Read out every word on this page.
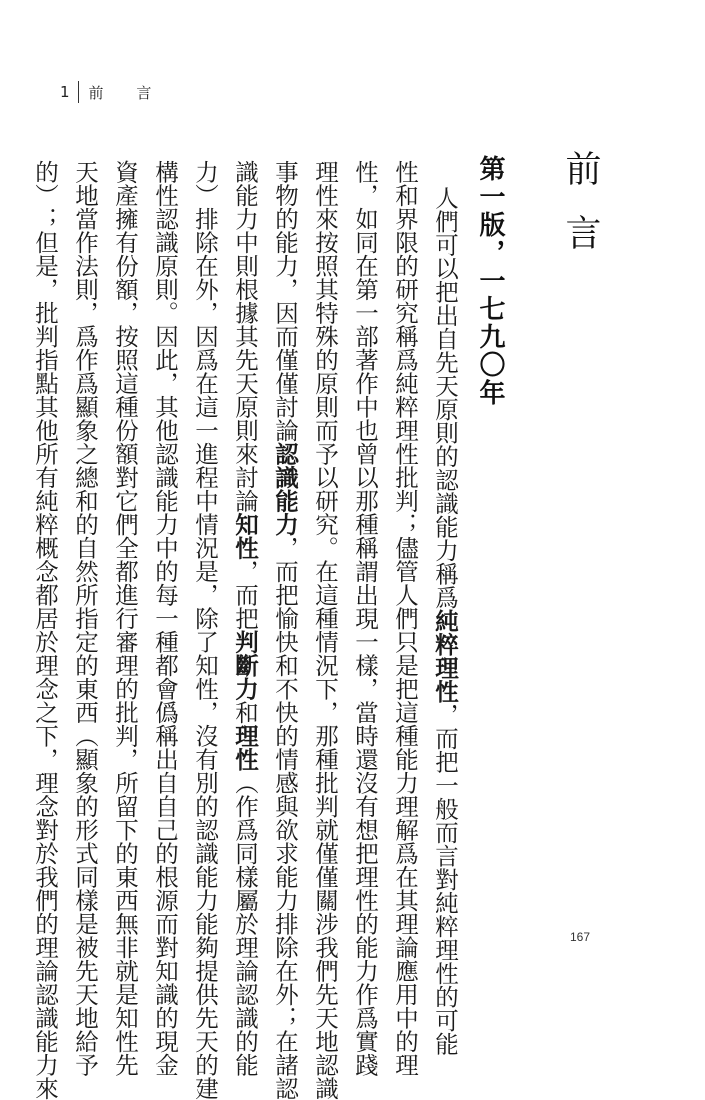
1 前 言
前言
第一版，一七九〇年
人們可以把出自先天原則的認識能力稱爲純粹理性，而把一般而言對純粹理性的可能
性和界限的研究稱爲純粹理性批判；儘管人們只是把這種能力理解爲在其理論應用中的理
性，如同在第一部著作中也曾以那種稱謂出現一樣，當時還沒有想把理性的能力作爲實踐
理性來按照其特殊的原則而予以研究。在這種情況下，那種批判就僅僅關涉我們先天地認識
事物的能力，因而僅僅討論認識能力，而把愉快和不快的情感與欲求能力排除在外；在諸認
識能力中則根據其先天原則來討論知性，而把判斷力和理性（作爲同樣屬於理論認識的能
力）排除在外，因爲在這一進程中情況是，除了知性，沒有別的認識能力能夠提供先天的建
構性認識原則。因此，其他認識能力中的每一種都會僞稱出自自己的根源而對知識的現金
資產擁有份額，按照這種份額對它們全都進行審理的批判，所留下的東西無非就是知性先
天地當作法則，爲作爲顯象之總和的自然所指定的東西（顯象的形式同樣是被先天地給予
的）；但是，批判指點其他所有純粹概念都居於理念之下，理念對於我們的理論認識能力來	167
